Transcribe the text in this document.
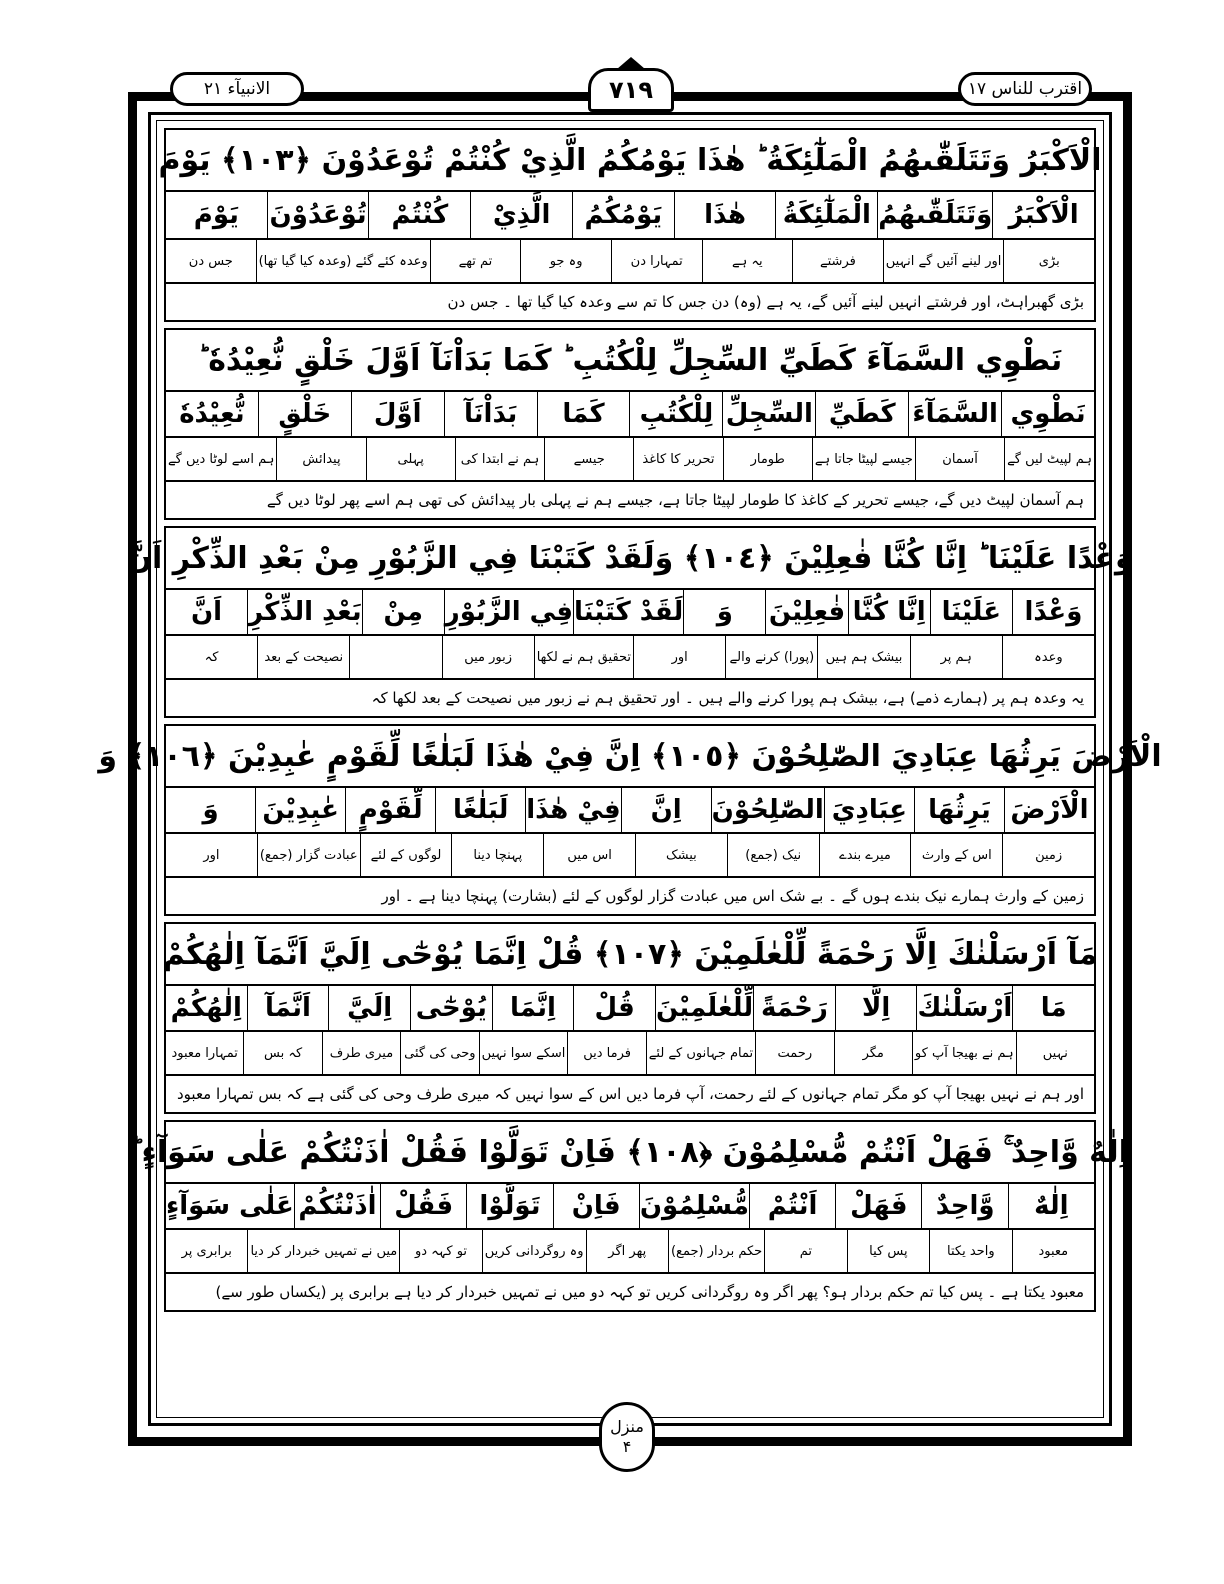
الانبيآء ٢١	٧١٩	اقترب للناس ١٧
الْاَكْبَرُ وَتَتَلَقّٰىهُمُ الْمَلٰٓئِكَةُ ؕ هٰذَا يَوْمُكُمُ الَّذِيْ كُنْتُمْ تُوْعَدُوْنَ ﴿١٠٣﴾ يَوْمَ
الْاَكْبَرُ
وَتَتَلَقّٰىهُمُ
الْمَلٰٓئِكَةُ
هٰذَا
يَوْمُكُمُ
الَّذِيْ
كُنْتُمْ
تُوْعَدُوْنَ
يَوْمَ
بڑی
اور لینے آئیں گے انہیں
فرشتے
یہ ہے
تمہارا دن
وہ جو
تم تھے
وعدہ کئے گئے (وعدہ کیا گیا تھا)
جس دن
بڑی گھبراہٹ، اور فرشتے انہیں لینے آئیں گے، یہ ہے (وہ) دن جس کا تم سے وعدہ کیا گیا تھا ۔ جس دن
نَطْوِي السَّمَآءَ كَطَيِّ السِّجِلِّ لِلْكُتُبِ ؕ كَمَا بَدَاْنَآ اَوَّلَ خَلْقٍ نُّعِيْدُهٗ ؕ
نَطْوِي
السَّمَآءَ
كَطَيِّ
السِّجِلِّ
لِلْكُتُبِ
كَمَا
بَدَاْنَآ
اَوَّلَ
خَلْقٍ
نُّعِيْدُهٗ
ہم لپیٹ لیں گے
آسمان
جیسے لپیٹا جاتا ہے
طومار
تحریر کا کاغذ
جیسے
ہم نے ابتدا کی
پہلی
پیدائش
ہم اسے لوٹا دیں گے
ہم آسمان لپیٹ دیں گے، جیسے تحریر کے کاغذ کا طومار لپیٹا جاتا ہے، جیسے ہم نے پہلی بار پیدائش کی تھی ہم اسے پھر لوٹا دیں گے
وَعْدًا عَلَيْنَا ؕ اِنَّا كُنَّا فٰعِلِيْنَ ﴿١٠٤﴾ وَلَقَدْ كَتَبْنَا فِي الزَّبُوْرِ مِنْ بَعْدِ الذِّكْرِ اَنَّ
وَعْدًا
عَلَيْنَا
اِنَّا كُنَّا
فٰعِلِيْنَ
وَ
لَقَدْ كَتَبْنَا
فِي الزَّبُوْرِ
مِنْ
بَعْدِ الذِّكْرِ
اَنَّ
وعدہ
ہم پر
بیشک ہم ہیں
(پورا) کرنے والے
اور
تحقیق ہم نے لکھا
زبور میں
نصیحت کے بعد
کہ
یہ وعدہ ہم پر (ہمارے ذمے) ہے، بیشک ہم پورا کرنے والے ہیں ۔ اور تحقیق ہم نے زبور میں نصیحت کے بعد لکھا کہ
الْاَرْضَ يَرِثُهَا عِبَادِيَ الصّٰلِحُوْنَ ﴿١٠٥﴾ اِنَّ فِيْ هٰذَا لَبَلٰغًا لِّقَوْمٍ عٰبِدِيْنَ ﴿١٠٦﴾ وَ
الْاَرْضَ
يَرِثُهَا
عِبَادِيَ
الصّٰلِحُوْنَ
اِنَّ
فِيْ هٰذَا
لَبَلٰغًا
لِّقَوْمٍ
عٰبِدِيْنَ
وَ
زمین
اس کے وارث
میرے بندے
نیک (جمع)
بیشک
اس میں
پہنچا دینا
لوگوں کے لئے
عبادت گزار (جمع)
اور
زمین کے وارث ہمارے نیک بندے ہوں گے ۔ بے شک اس میں عبادت گزار لوگوں کے لئے (بشارت) پہنچا دینا ہے ۔ اور
مَآ اَرْسَلْنٰكَ اِلَّا رَحْمَةً لِّلْعٰلَمِيْنَ ﴿١٠٧﴾ قُلْ اِنَّمَا يُوْحٰٓى اِلَيَّ اَنَّمَآ اِلٰهُكُمْ
مَا
اَرْسَلْنٰكَ
اِلَّا
رَحْمَةً
لِّلْعٰلَمِيْنَ
قُلْ
اِنَّمَا
يُوْحٰٓى
اِلَيَّ
اَنَّمَآ
اِلٰهُكُمْ
نہیں
ہم نے بھیجا آپ کو
مگر
رحمت
تمام جہانوں کے لئے
فرما دیں
اسکے سوا نہیں
وحی کی گئی
میری طرف
کہ بس
تمہارا معبود
اور ہم نے نہیں بھیجا آپ کو مگر تمام جہانوں کے لئے رحمت، آپ فرما دیں اس کے سوا نہیں کہ میری طرف وحی کی گئی ہے کہ بس تمہارا معبود
اِلٰهٌ وَّاحِدٌ ۚ فَهَلْ اَنْتُمْ مُّسْلِمُوْنَ ﴿١٠٨﴾ فَاِنْ تَوَلَّوْا فَقُلْ اٰذَنْتُكُمْ عَلٰى سَوَآءٍ ؕ
اِلٰهٌ
وَّاحِدٌ
فَهَلْ
اَنْتُمْ
مُّسْلِمُوْنَ
فَاِنْ
تَوَلَّوْا
فَقُلْ
اٰذَنْتُكُمْ
عَلٰى سَوَآءٍ
معبود
واحد یکتا
پس کیا
تم
حکم بردار (جمع)
پھر اگر
وہ روگردانی کریں
تو کہہ دو
میں نے تمہیں خبردار کر دیا
برابری پر
معبود یکتا ہے ۔ پس کیا تم حکم بردار ہو؟ پھر اگر وہ روگردانی کریں تو کہہ دو میں نے تمہیں خبردار کر دیا ہے برابری پر (یکساں طور سے)
منزل
۴
